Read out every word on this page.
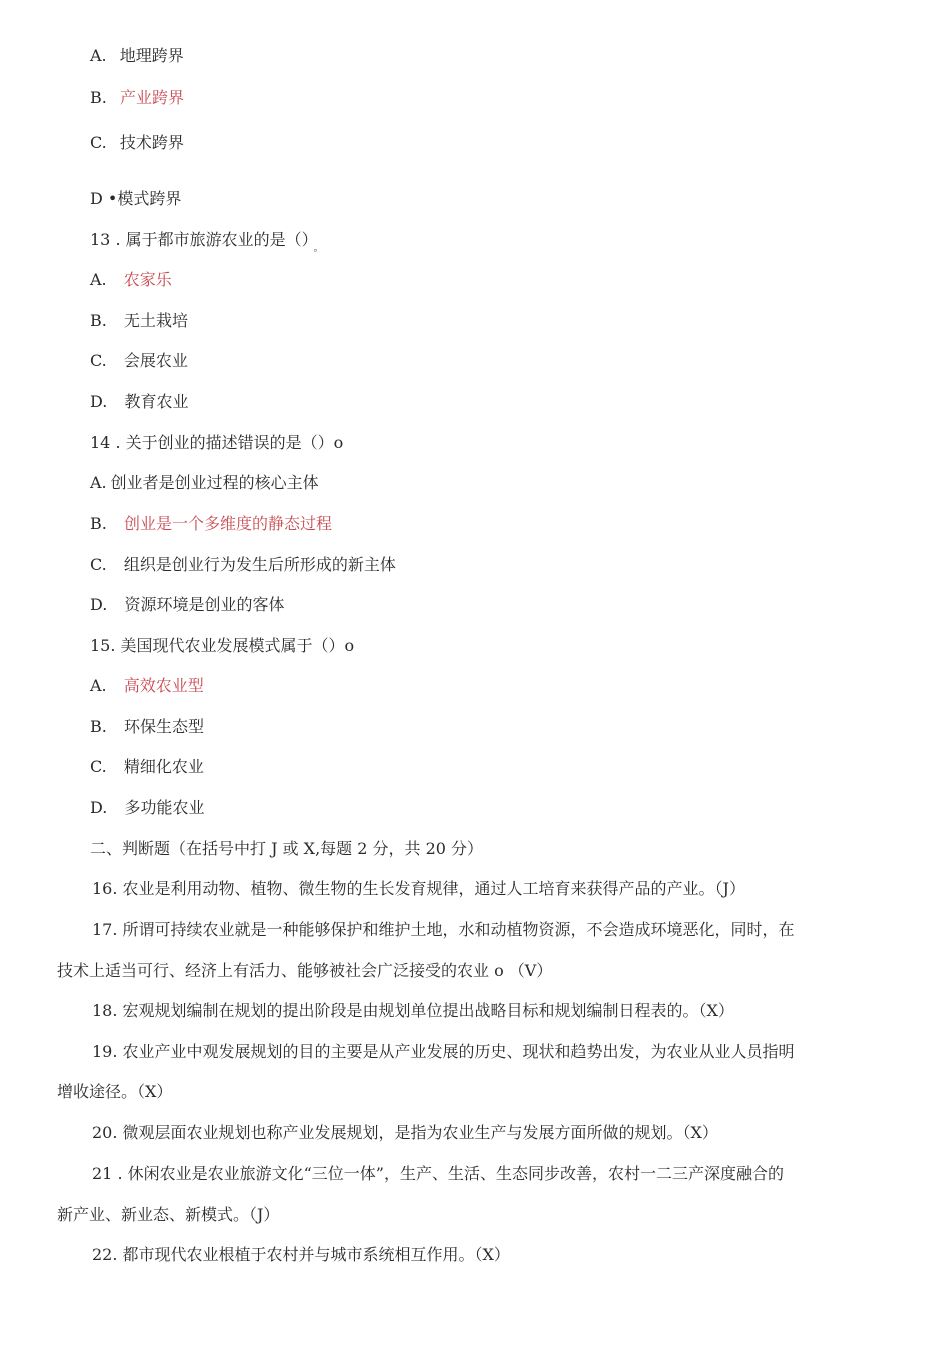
A. 地理跨界
B. 产业跨界
C. 技术跨界
D •模式跨界
13 . 属于都市旅游农业的是（） $_。$
A. 农家乐
B. 无土栽培
C. 会展农业
D. 教育农业
14 . 关于创业的描述错误的是（）o
A. 创业者是创业过程的核心主体
B. 创业是一个多维度的静态过程
C. 组织是创业行为发生后所形成的新主体
D. 资源环境是创业的客体
15. 美国现代农业发展模式属于（）o
A. 高效农业型
B. 环保生态型
C. 精细化农业
D. 多功能农业
二、判断题（在括号中打 J 或 X,每题 2 分，共 20 分）
16. 农业是利用动物、植物、微生物的生长发育规律，通过人工培育来获得产品的产业。（J）
17. 所谓可持续农业就是一种能够保护和维护土地，水和动植物资源，不会造成环境恶化，同时，在
技术上适当可行、经济上有活力、能够被社会广泛接受的农业 o （V）
18. 宏观规划编制在规划的提出阶段是由规划单位提出战略目标和规划编制日程表的。（X）
19. 农业产业中观发展规划的目的主要是从产业发展的历史、现状和趋势出发，为农业从业人员指明
增收途径。（X）
20. 微观层面农业规划也称产业发展规划，是指为农业生产与发展方面所做的规划。（X）
21 . 休闲农业是农业旅游文化“三位一体”，生产、生活、生态同步改善，农村一二三产深度融合的
新产业、新业态、新模式。（J）
22. 都市现代农业根植于农村并与城市系统相互作用。（X）
